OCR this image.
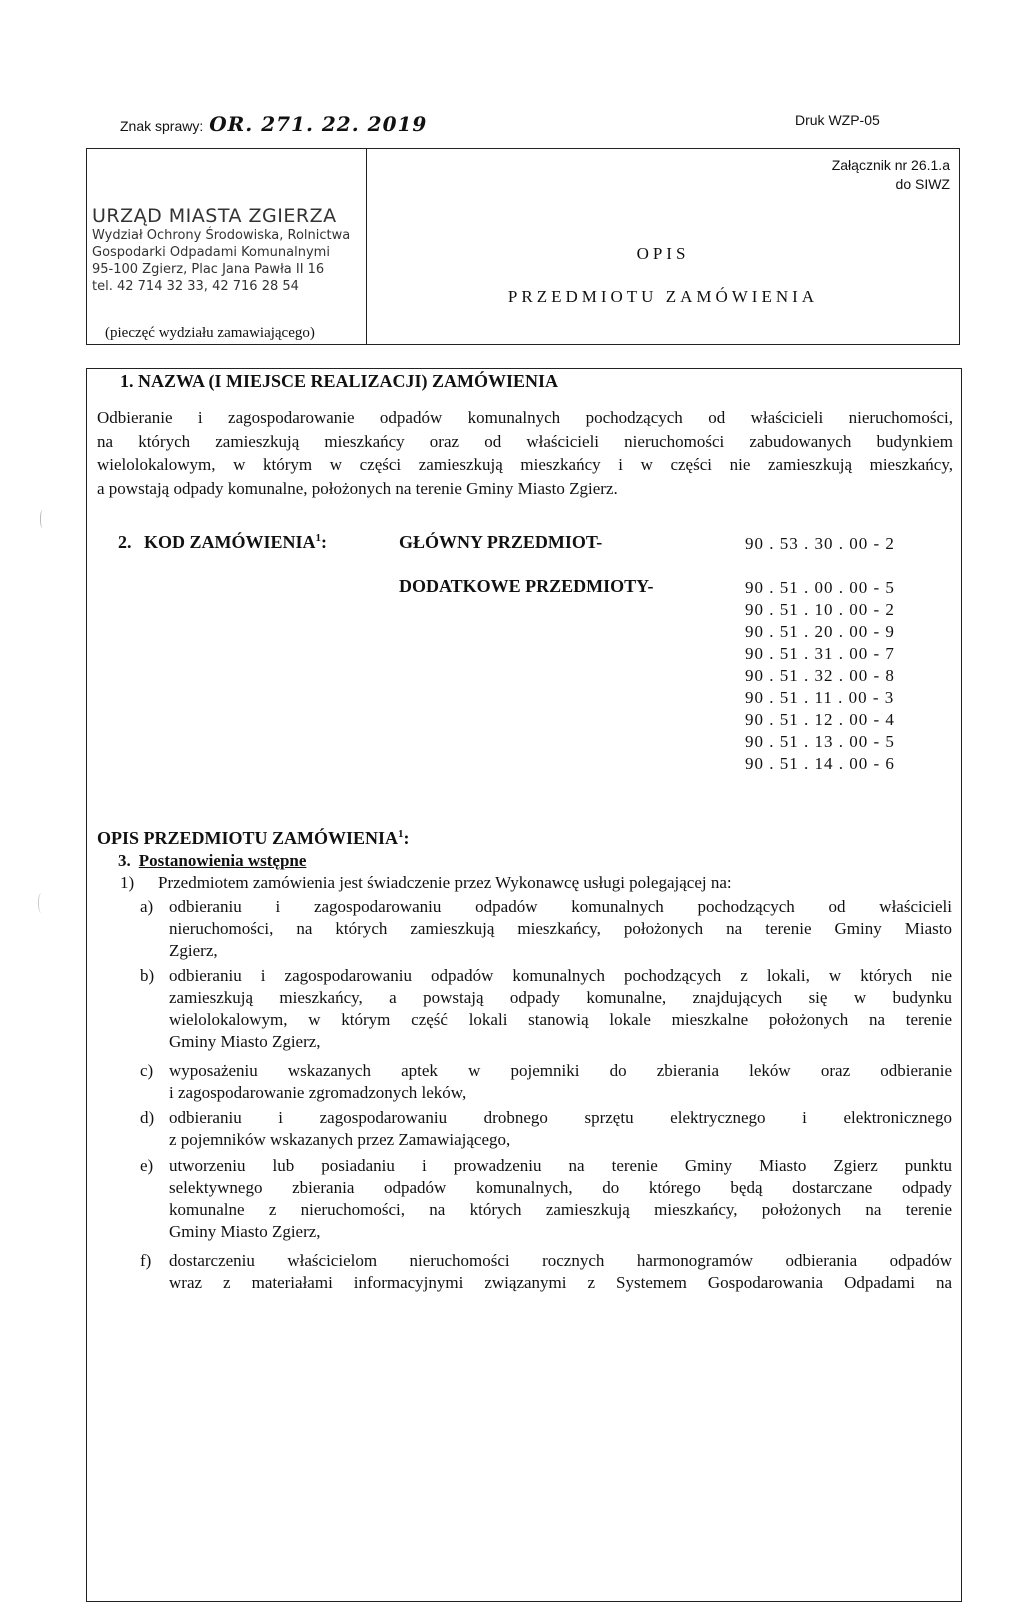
Znak sprawy: OR. 271. 22. 2019	Druk WZP-05
URZĄD MIASTA ZGIERZA
Wydział Ochrony Środowiska, Rolnictwa
Gospodarki Odpadami Komunalnymi
95-100 Zgierz, Plac Jana Pawła II 16
tel. 42 714 32 33, 42 716 28 54
(pieczęć wydziału zamawiającego)
Załącznik nr 26.1.a
do SIWZ
OPIS
PRZEDMIOTU ZAMÓWIENIA
1. NAZWA (I MIEJSCE REALIZACJI) ZAMÓWIENIA
Odbieranie i zagospodarowanie odpadów komunalnych pochodzących od właścicieli nieruchomości,
na których zamieszkują mieszkańcy oraz od właścicieli nieruchomości zabudowanych budynkiem
wielolokalowym, w którym w części zamieszkują mieszkańcy i w części nie zamieszkują mieszkańcy,
a powstają odpady komunalne, położonych na terenie Gminy Miasto Zgierz.
2. KOD ZAMÓWIENIA$^1$:	GŁÓWNY PRZEDMIOT-	90 . 53 . 30 . 00 - 2
DODATKOWE PRZEDMIOTY-	90 . 51 . 00 . 00 - 5
90 . 51 . 10 . 00 - 2
90 . 51 . 20 . 00 - 9
90 . 51 . 31 . 00 - 7
90 . 51 . 32 . 00 - 8
90 . 51 . 11 . 00 - 3
90 . 51 . 12 . 00 - 4
90 . 51 . 13 . 00 - 5
90 . 51 . 14 . 00 - 6
OPIS PRZEDMIOTU ZAMÓWIENIA$^1$:
3. Postanowienia wstępne
1) Przedmiotem zamówienia jest świadczenie przez Wykonawcę usługi polegającej na:
a) odbieraniu i zagospodarowaniu odpadów komunalnych pochodzących od właścicieli
nieruchomości, na których zamieszkują mieszkańcy, położonych na terenie Gminy Miasto
Zgierz,
b) odbieraniu i zagospodarowaniu odpadów komunalnych pochodzących z lokali, w których nie
zamieszkują mieszkańcy, a powstają odpady komunalne, znajdujących się w budynku
wielolokalowym, w którym część lokali stanowią lokale mieszkalne położonych na terenie
Gminy Miasto Zgierz,
c) wyposażeniu wskazanych aptek w pojemniki do zbierania leków oraz odbieranie
i zagospodarowanie zgromadzonych leków,
d) odbieraniu i zagospodarowaniu drobnego sprzętu elektrycznego i elektronicznego
z pojemników wskazanych przez Zamawiającego,
e) utworzeniu lub posiadaniu i prowadzeniu na terenie Gminy Miasto Zgierz punktu
selektywnego zbierania odpadów komunalnych, do którego będą dostarczane odpady
komunalne z nieruchomości, na których zamieszkują mieszkańcy, położonych na terenie
Gminy Miasto Zgierz,
f) dostarczeniu właścicielom nieruchomości rocznych harmonogramów odbierania odpadów
wraz z materiałami informacyjnymi związanymi z Systemem Gospodarowania Odpadami na
